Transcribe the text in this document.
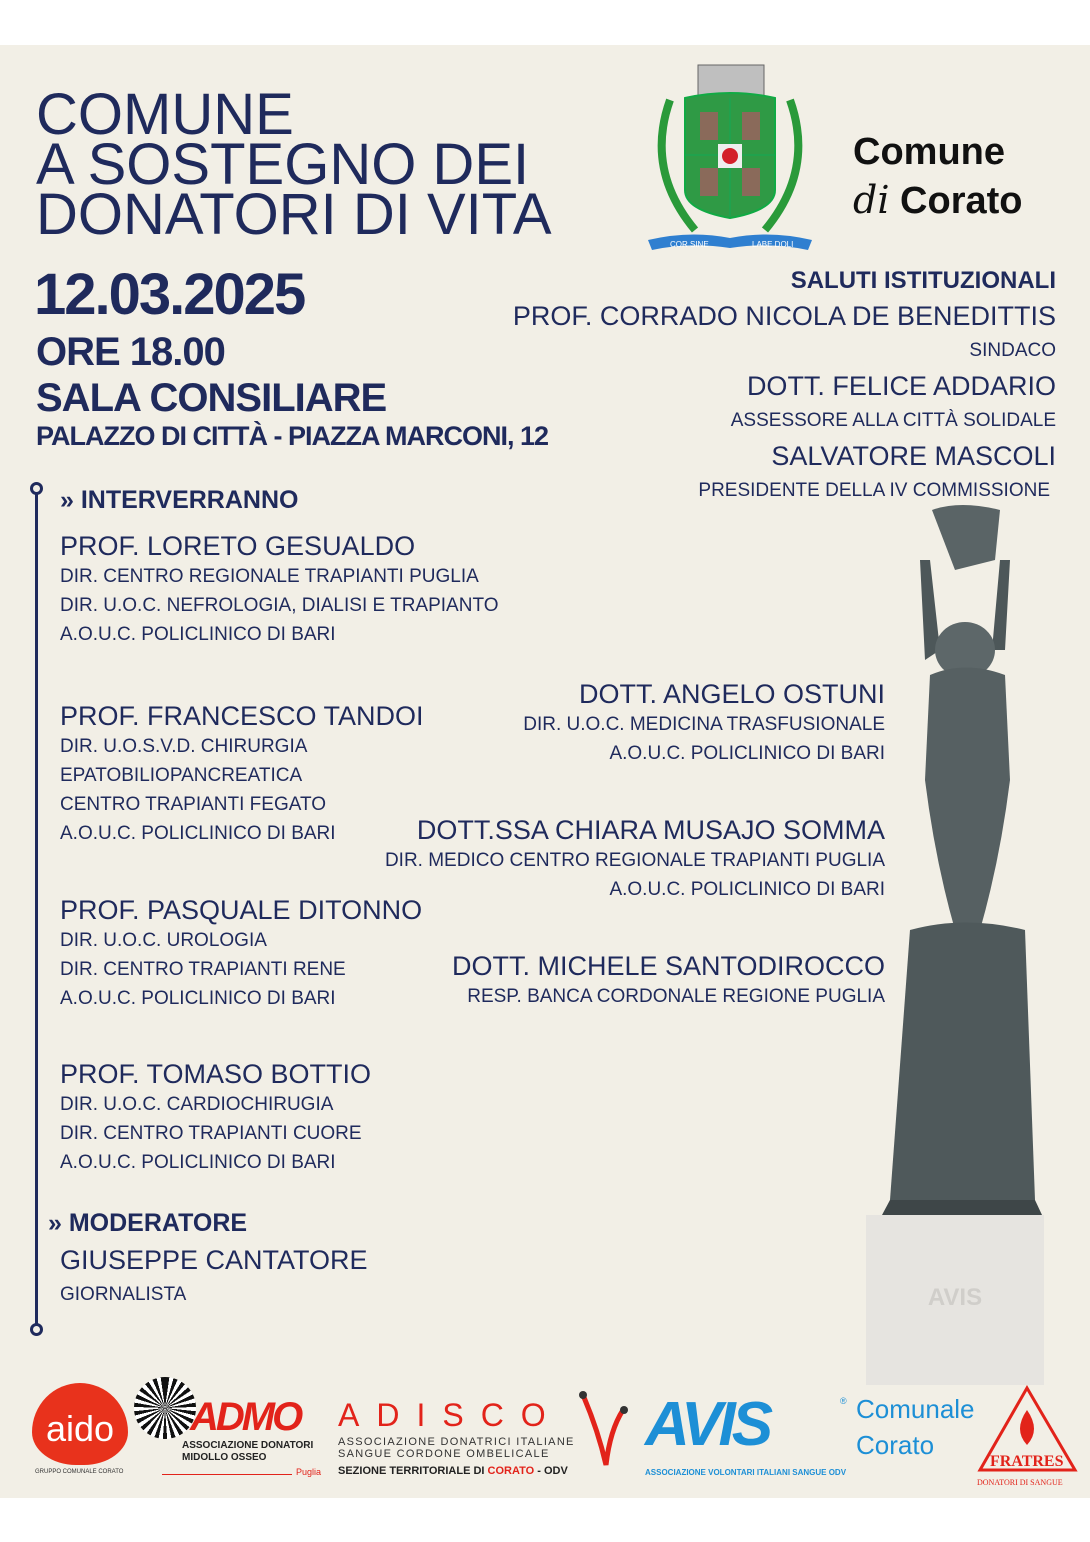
COMUNE
A SOSTEGNO DEI
DONATORI DI VITA
12.03.2025
ORE 18.00
SALA CONSILIARE
PALAZZO DI CITTÀ - PIAZZA MARCONI, 12
COR SINE	LABE DOLI
Comune
di Corato
SALUTI ISTITUZIONALI
PROF. CORRADO NICOLA DE BENEDITTIS
SINDACO
DOTT. FELICE ADDARIO
ASSESSORE ALLA CITTÀ SOLIDALE
SALVATORE MASCOLI
PRESIDENTE DELLA IV COMMISSIONE
» INTERVERRANNO
PROF. LORETO GESUALDO
DIR. CENTRO REGIONALE TRAPIANTI PUGLIA
DIR. U.O.C. NEFROLOGIA, DIALISI E TRAPIANTO
A.O.U.C. POLICLINICO DI BARI
PROF. FRANCESCO TANDOI
DIR. U.O.S.V.D. CHIRURGIA
EPATOBILIOPANCREATICA
CENTRO TRAPIANTI FEGATO
A.O.U.C. POLICLINICO DI BARI
PROF. PASQUALE DITONNO
DIR. U.O.C. UROLOGIA
DIR. CENTRO TRAPIANTI RENE
A.O.U.C. POLICLINICO DI BARI
PROF. TOMASO BOTTIO
DIR. U.O.C. CARDIOCHIRUGIA
DIR. CENTRO TRAPIANTI CUORE
A.O.U.C. POLICLINICO DI BARI
DOTT. ANGELO OSTUNI
DIR. U.O.C. MEDICINA TRASFUSIONALE
A.O.U.C. POLICLINICO DI BARI
DOTT.SSA CHIARA MUSAJO SOMMA
DIR. MEDICO CENTRO REGIONALE TRAPIANTI PUGLIA
A.O.U.C. POLICLINICO DI BARI
DOTT. MICHELE SANTODIROCCO
RESP. BANCA CORDONALE REGIONE PUGLIA
» MODERATORE
GIUSEPPE CANTATORE
GIORNALISTA	AVIS
aido
GRUPPO COMUNALE CORATO
ADMO
ASSOCIAZIONE DONATORI
MIDOLLO OSSEO
Puglia
ADISCO
ASSOCIAZIONE DONATRICI ITALIANE
SANGUE CORDONE OMBELICALE
SEZIONE TERRITORIALE DI CORATO - ODV
AVIS	® Comunale
Corato
ASSOCIAZIONE VOLONTARI ITALIANI SANGUE ODV
FRATRES
DONATORI DI SANGUE
